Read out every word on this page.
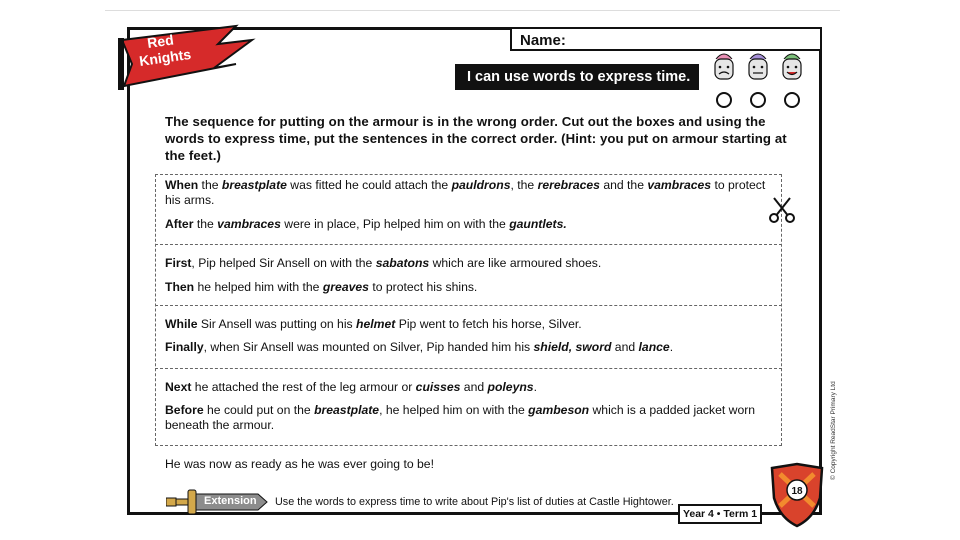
Red
Knights
Name:
I can use words to express time.
The sequence for putting on the armour is in the wrong order. Cut out the boxes and using the words to express time, put the sentences in the correct order. (Hint: you put on armour starting at the feet.)
When the breastplate was fitted he could attach the pauldrons, the rerebraces and the vambraces to protect his arms.
After the vambraces were in place, Pip helped him on with the gauntlets.
First, Pip helped Sir Ansell on with the sabatons which are like armoured shoes.
Then he helped him with the greaves to protect his shins.
While Sir Ansell was putting on his helmet Pip went to fetch his horse, Silver.
Finally, when Sir Ansell was mounted on Silver, Pip handed him his shield, sword and lance.
Next he attached the rest of the leg armour or cuisses and poleyns.
Before he could put on the breastplate, he helped him on with the gambeson which is a padded jacket worn beneath the armour.
He was now as ready as he was ever going to be!
Extension Use the words to express time to write about Pip's list of duties at Castle Hightower.
Year 4 • Term 1
18
© Copyright ReadStar Primary Ltd
